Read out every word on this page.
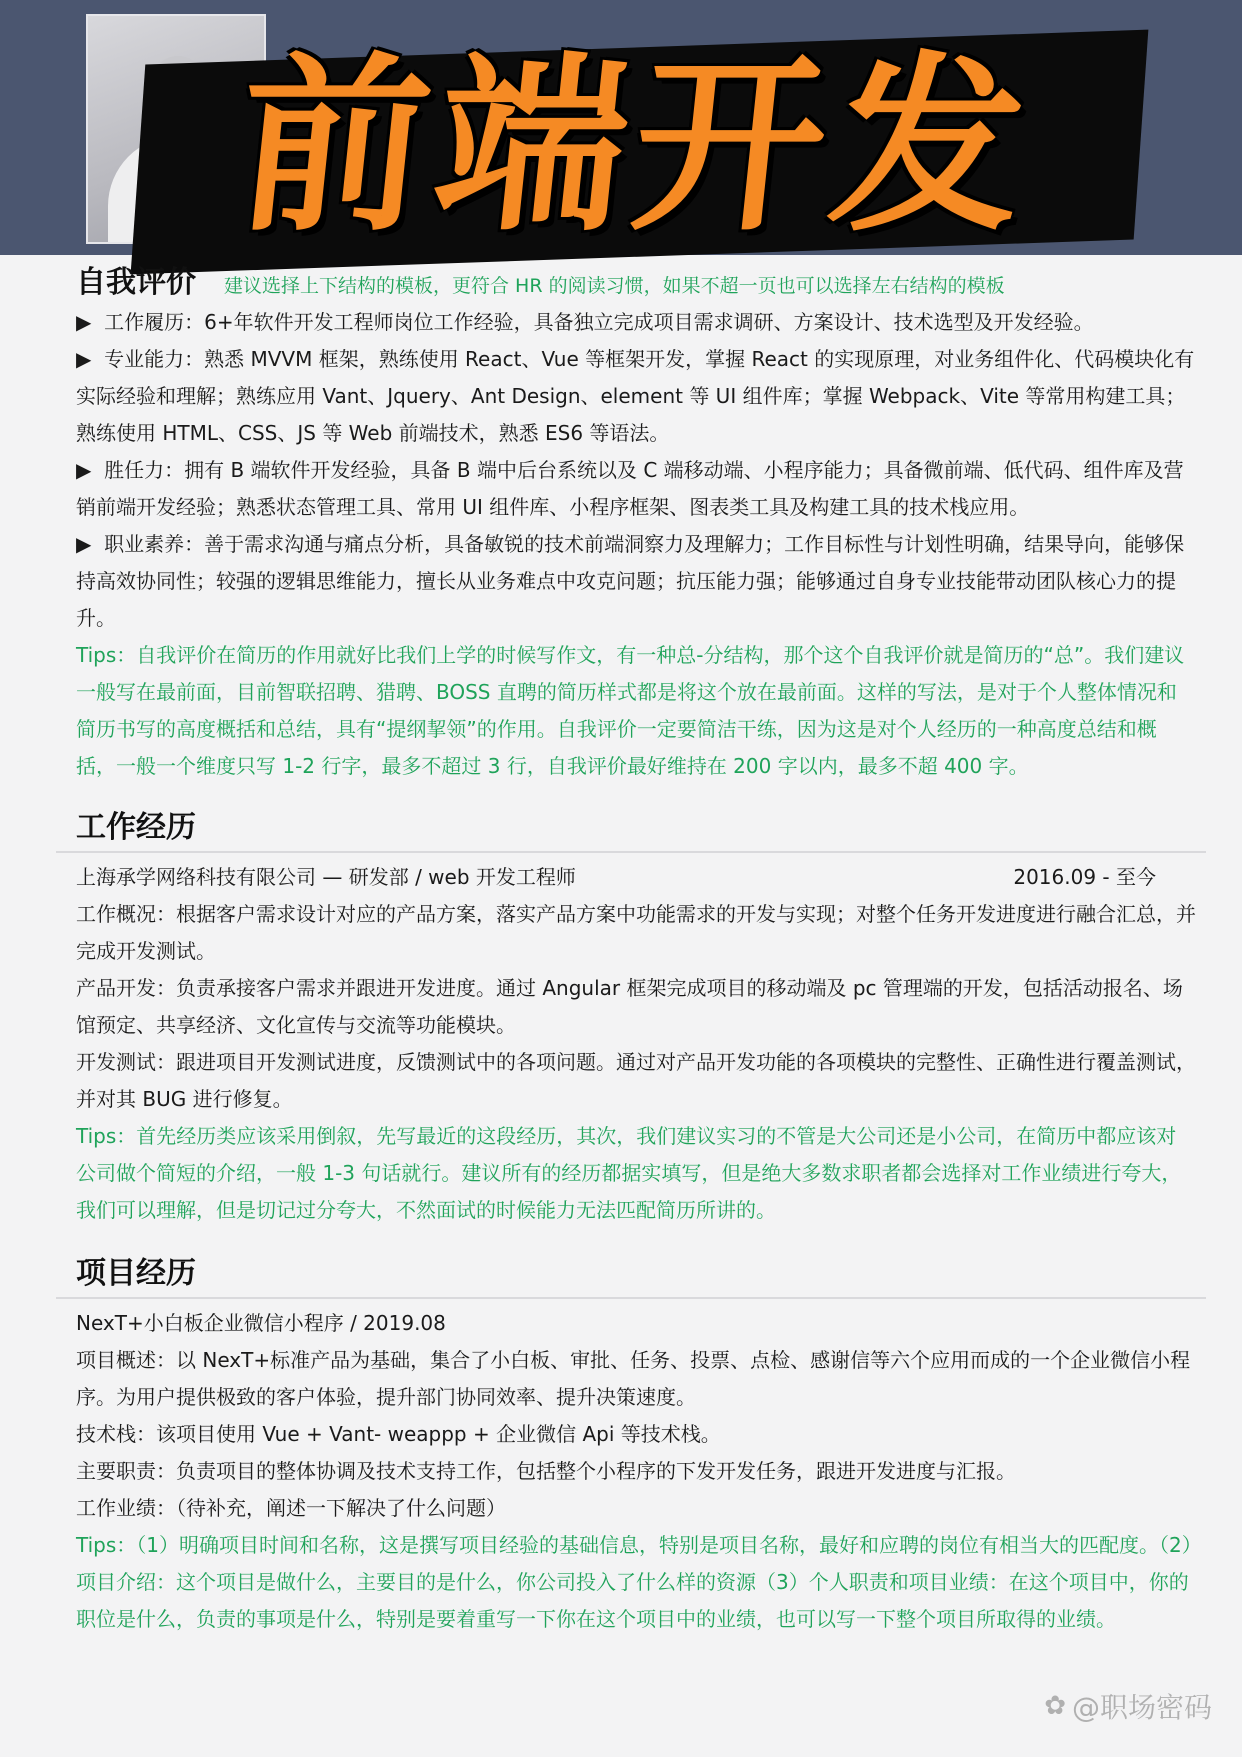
前端开发
自我评价 建议选择上下结构的模板，更符合 HR 的阅读习惯，如果不超一页也可以选择左右结构的模板

▶ 工作履历：6+年软件开发工程师岗位工作经验，具备独立完成项目需求调研、方案设计、技术选型及开发经验。

▶ 专业能力：熟悉 MVVM 框架，熟练使用 React、Vue 等框架开发，掌握 React 的实现原理，对业务组件化、代码模块化有实际经验和理解；熟练应用 Vant、Jquery、Ant Design、element 等 UI 组件库；掌握 Webpack、Vite 等常用构建工具；熟练使用 HTML、CSS、JS 等 Web 前端技术，熟悉 ES6 等语法。

▶ 胜任力：拥有 B 端软件开发经验，具备 B 端中后台系统以及 C 端移动端、小程序能力；具备微前端、低代码、组件库及营销前端开发经验；熟悉状态管理工具、常用 UI 组件库、小程序框架、图表类工具及构建工具的技术栈应用。

▶ 职业素养：善于需求沟通与痛点分析，具备敏锐的技术前端洞察力及理解力；工作目标性与计划性明确，结果导向，能够保持高效协同性；较强的逻辑思维能力，擅长从业务难点中攻克问题；抗压能力强；能够通过自身专业技能带动团队核心力的提升。

Tips：自我评价在简历的作用就好比我们上学的时候写作文，有一种总-分结构，那个这个自我评价就是简历的“总”。我们建议一般写在最前面，目前智联招聘、猎聘、BOSS 直聘的简历样式都是将这个放在最前面。这样的写法，是对于个人整体情况和简历书写的高度概括和总结，具有“提纲挈领”的作用。自我评价一定要简洁干练，因为这是对个人经历的一种高度总结和概括，一般一个维度只写 1-2 行字，最多不超过 3 行，自我评价最好维持在 200 字以内，最多不超 400 字。

工作经历
上海承学网络科技有限公司 — 研发部 / web 开发工程师	2016.09 - 至今

工作概况：根据客户需求设计对应的产品方案，落实产品方案中功能需求的开发与实现；对整个任务开发进度进行融合汇总，并完成开发测试。

产品开发：负责承接客户需求并跟进开发进度。通过 Angular 框架完成项目的移动端及 pc 管理端的开发，包括活动报名、场馆预定、共享经济、文化宣传与交流等功能模块。

开发测试：跟进项目开发测试进度，反馈测试中的各项问题。通过对产品开发功能的各项模块的完整性、正确性进行覆盖测试，并对其 BUG 进行修复。

Tips：首先经历类应该采用倒叙，先写最近的这段经历，其次，我们建议实习的不管是大公司还是小公司，在简历中都应该对公司做个简短的介绍，一般 1-3 句话就行。建议所有的经历都据实填写，但是绝大多数求职者都会选择对工作业绩进行夸大，我们可以理解，但是切记过分夸大，不然面试的时候能力无法匹配简历所讲的。

项目经历
NexT+小白板企业微信小程序 / 2019.08

项目概述：以 NexT+标准产品为基础，集合了小白板、审批、任务、投票、点检、感谢信等六个应用而成的一个企业微信小程序。为用户提供极致的客户体验，提升部门协同效率、提升决策速度。

技术栈：该项目使用 Vue + Vant- weappp + 企业微信 Api 等技术栈。

主要职责：负责项目的整体协调及技术支持工作，包括整个小程序的下发开发任务，跟进开发进度与汇报。

工作业绩：（待补充，阐述一下解决了什么问题）

Tips：（1）明确项目时间和名称，这是撰写项目经验的基础信息，特别是项目名称，最好和应聘的岗位有相当大的匹配度。（2）项目介绍：这个项目是做什么，主要目的是什么，你公司投入了什么样的资源（3）个人职责和项目业绩：在这个项目中，你的职位是什么，负责的事项是什么，特别是要着重写一下你在这个项目中的业绩，也可以写一下整个项目所取得的业绩。

✿ @职场密码
